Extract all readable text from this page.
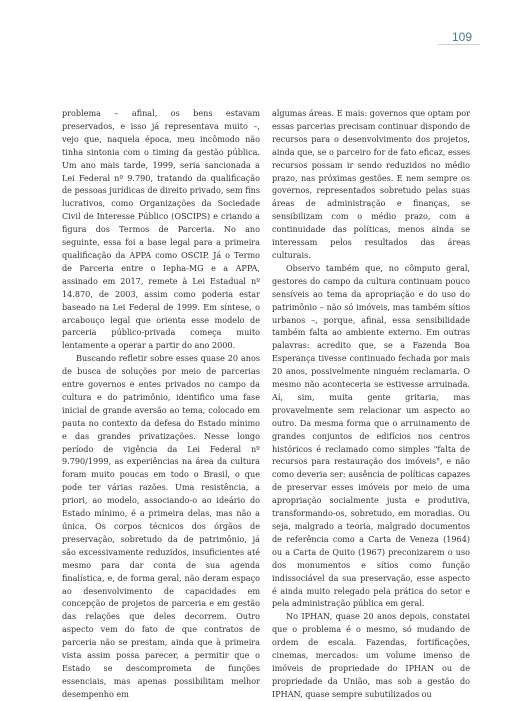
109

problema – afinal, os bens estavam preservados, e isso já representava muito –, vejo que, naquela época, meu incômodo não tinha sintonia com o timing da gestão pública. Um ano mais tarde, 1999, seria sancionada a Lei Federal nº 9.790, tratando da qualificação de pessoas jurídicas de direito privado, sem fins lucrativos, como Organizações da Sociedade Civil de Interesse Público (OSCIPS) e criando a figura dos Termos de Parceria. No ano seguinte, essa foi a base legal para a primeira qualificação da APPA como OSCIP. Já o Termo de Parceria entre o Iepha-MG e a APPA, assinado em 2017, remete à Lei Estadual nº 14.870, de 2003, assim como poderia estar baseado na Lei Federal de 1999. Em síntese, o arcabouço legal que orienta esse modelo de parceria público-privada começa muito lentamente a operar a partir do ano 2000.

Buscando refletir sobre esses quase 20 anos de busca de soluções por meio de parcerias entre governos e entes privados no campo da cultura e do patrimônio, identifico uma fase inicial de grande aversão ao tema, colocado em pauta no contexto da defesa do Estado mínimo e das grandes privatizações. Nesse longo período de vigência da Lei Federal nº 9.790/1999, as experiências na área da cultura foram muito poucas em todo o Brasil, o que pode ter várias razões. Uma resistência, a priori, ao modelo, associando-o ao ideário do Estado mínimo, é a primeira delas, mas não a única. Os corpos técnicos dos órgãos de preservação, sobretudo da de patrimônio, já são excessivamente reduzidos, insuficientes até mesmo para dar conta de sua agenda finalística, e, de forma geral, não deram espaço ao desenvolvimento de capacidades em concepção de projetos de parceria e em gestão das relações que deles decorrem. Outro aspecto vem do fato de que contratos de parceria não se prestam, ainda que à primeira vista assim possa parecer, a permitir que o Estado se descomprometa de funções essenciais, mas apenas possibilitam melhor desempenho em

algumas áreas. E mais: governos que optam por essas parcerias precisam continuar dispondo de recursos para o desenvolvimento dos projetos, ainda que, se o parceiro for de fato eficaz, esses recursos possam ir sendo reduzidos no médio prazo, nas próximas gestões. E nem sempre os governos, representados sobretudo pelas suas áreas de administração e finanças, se sensibilizam com o médio prazo, com a continuidade das políticas, menos ainda se interessam pelos resultados das áreas culturais.

Observo também que, no cômputo geral, gestores do campo da cultura continuam pouco sensíveis ao tema da apropriação e do uso do patrimônio – não só imóveis, mas também sítios urbanos –, porque, afinal, essa sensibilidade também falta ao ambiente externo. Em outras palavras: acredito que, se a Fazenda Boa Esperança tivesse continuado fechada por mais 20 anos, possivelmente ninguém reclamaria. O mesmo não aconteceria se estivesse arruinada. Aí, sim, muita gente gritaria, mas provavelmente sem relacionar um aspecto ao outro. Da mesma forma que o arruinamento de grandes conjuntos de edifícios nos centros históricos é reclamado como simples "falta de recursos para restauração dos imóveis", e não como deveria ser: ausência de políticas capazes de preservar esses imóveis por meio de uma apropriação socialmente justa e produtiva, transformando-os, sobretudo, em moradias. Ou seja, malgrado a teoria, malgrado documentos de referência como a Carta de Veneza (1964) ou a Carta de Quito (1967) preconizarem o uso dos monumentos e sítios como função indissociável da sua preservação, esse aspecto é ainda muito relegado pela prática do setor e pela administração pública em geral.

No IPHAN, quase 20 anos depois, constatei que o problema é o mesmo, só mudando de ordem de escala. Fazendas, fortificações, cinemas, mercados: um volume imenso de imóveis de propriedade do IPHAN ou de propriedade da União, mas sob a gestão do IPHAN, quase sempre subutilizados ou
